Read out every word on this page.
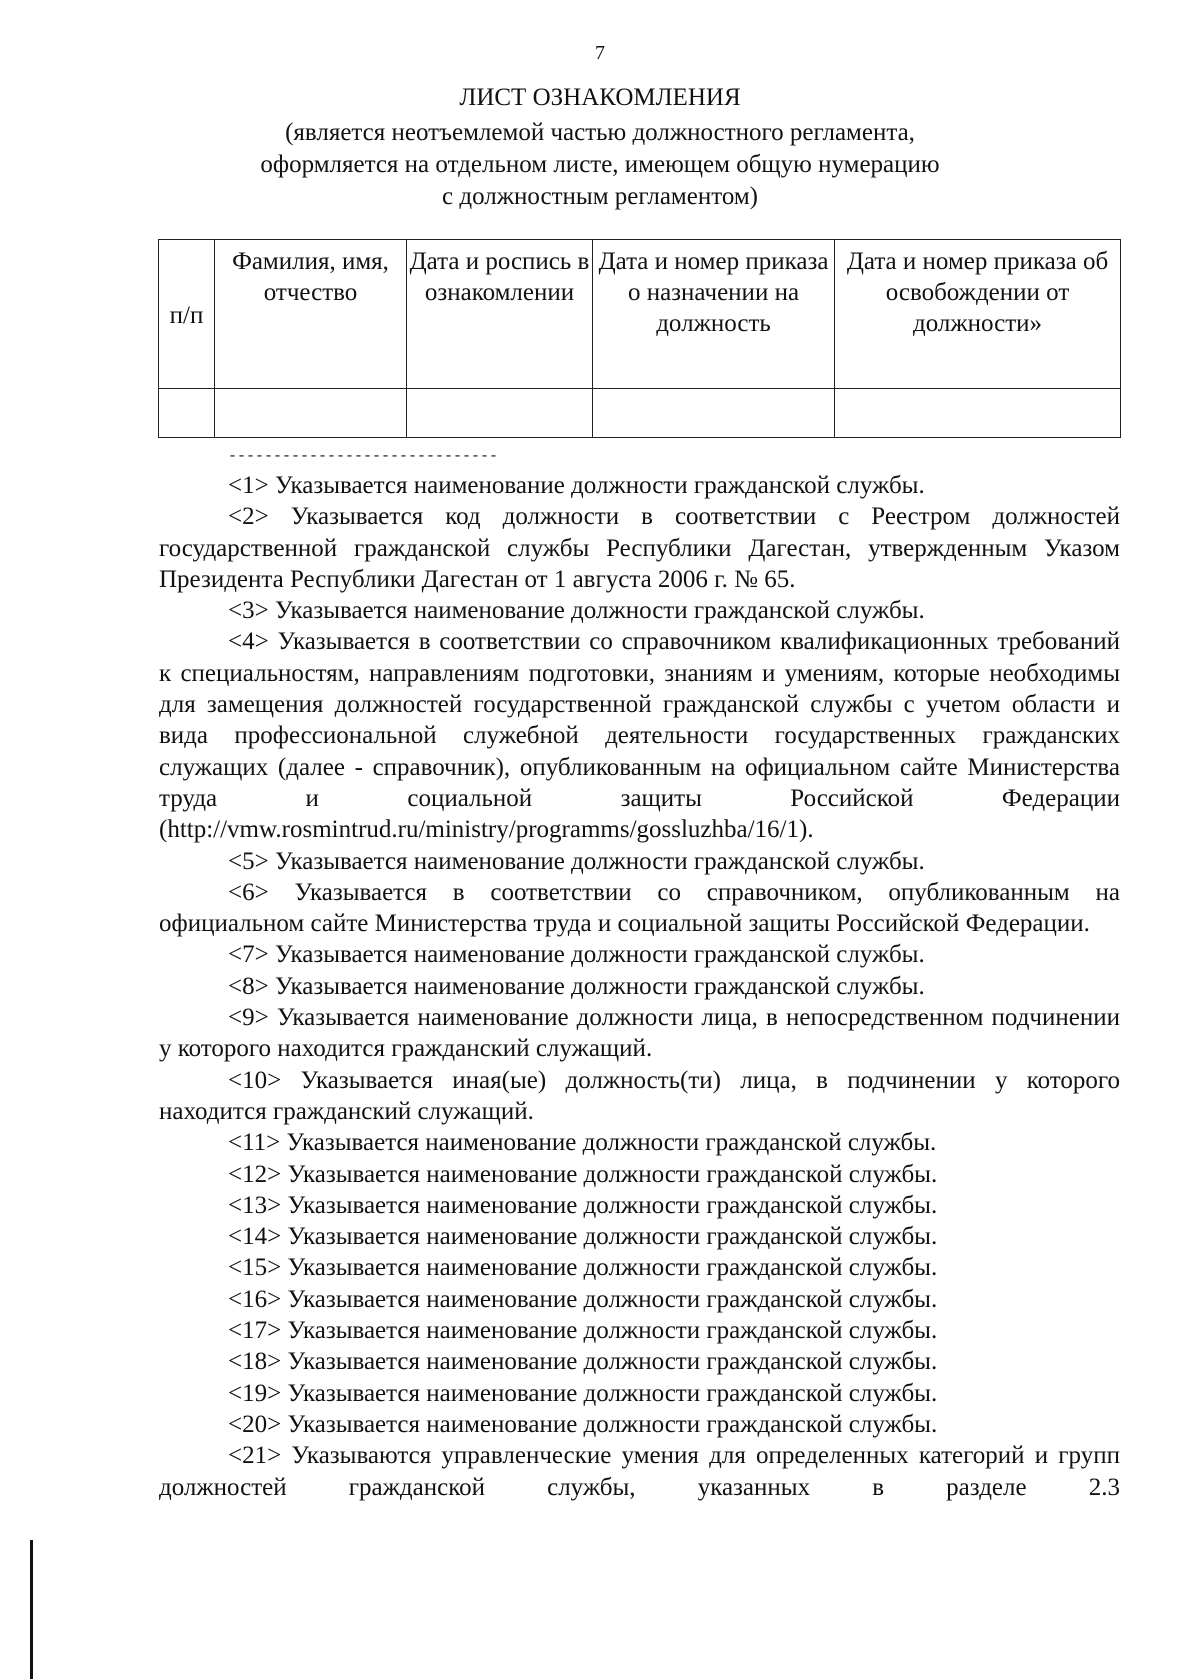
7
ЛИСТ ОЗНАКОМЛЕНИЯ
(является неотъемлемой частью должностного регламента,
оформляется на отдельном листе, имеющем общую нумерацию
с должностным регламентом)
п/п	Фамилия, имя, отчество	Дата и роспись в ознакомлении	Дата и номер приказа о назначении на должность	Дата и номер приказа об освобождении от должности»

------------------------------

<1> Указывается наименование должности гражданской службы.

<2> Указывается код должности в соответствии с Реестром должностей государственной гражданской службы Республики Дагестан, утвержденным Указом Президента Республики Дагестан от 1 августа 2006 г. № 65.

<3> Указывается наименование должности гражданской службы.

<4> Указывается в соответствии со справочником квалификационных требований к специальностям, направлениям подготовки, знаниям и умениям, которые необходимы для замещения должностей государственной гражданской службы с учетом области и вида профессиональной служебной деятельности государственных гражданских служащих (далее - справочник), опубликованным на официальном сайте Министерства труда и социальной защиты Российской Федерации (http://vmw.rosmintrud.ru/ministry/programms/gossluzhba/16/1).

<5> Указывается наименование должности гражданской службы.

<6> Указывается в соответствии со справочником, опубликованным на официальном сайте Министерства труда и социальной защиты Российской Федерации.

<7> Указывается наименование должности гражданской службы.

<8> Указывается наименование должности гражданской службы.

<9> Указывается наименование должности лица, в непосредственном подчинении у которого находится гражданский служащий.

<10> Указывается иная(ые) должность(ти) лица, в подчинении у которого находится гражданский служащий.

<11> Указывается наименование должности гражданской службы.

<12> Указывается наименование должности гражданской службы.

<13> Указывается наименование должности гражданской службы.

<14> Указывается наименование должности гражданской службы.

<15> Указывается наименование должности гражданской службы.

<16> Указывается наименование должности гражданской службы.

<17> Указывается наименование должности гражданской службы.

<18> Указывается наименование должности гражданской службы.

<19> Указывается наименование должности гражданской службы.

<20> Указывается наименование должности гражданской службы.

<21> Указываются управленческие умения для определенных категорий и групп должностей гражданской службы, указанных в разделе 2.3
